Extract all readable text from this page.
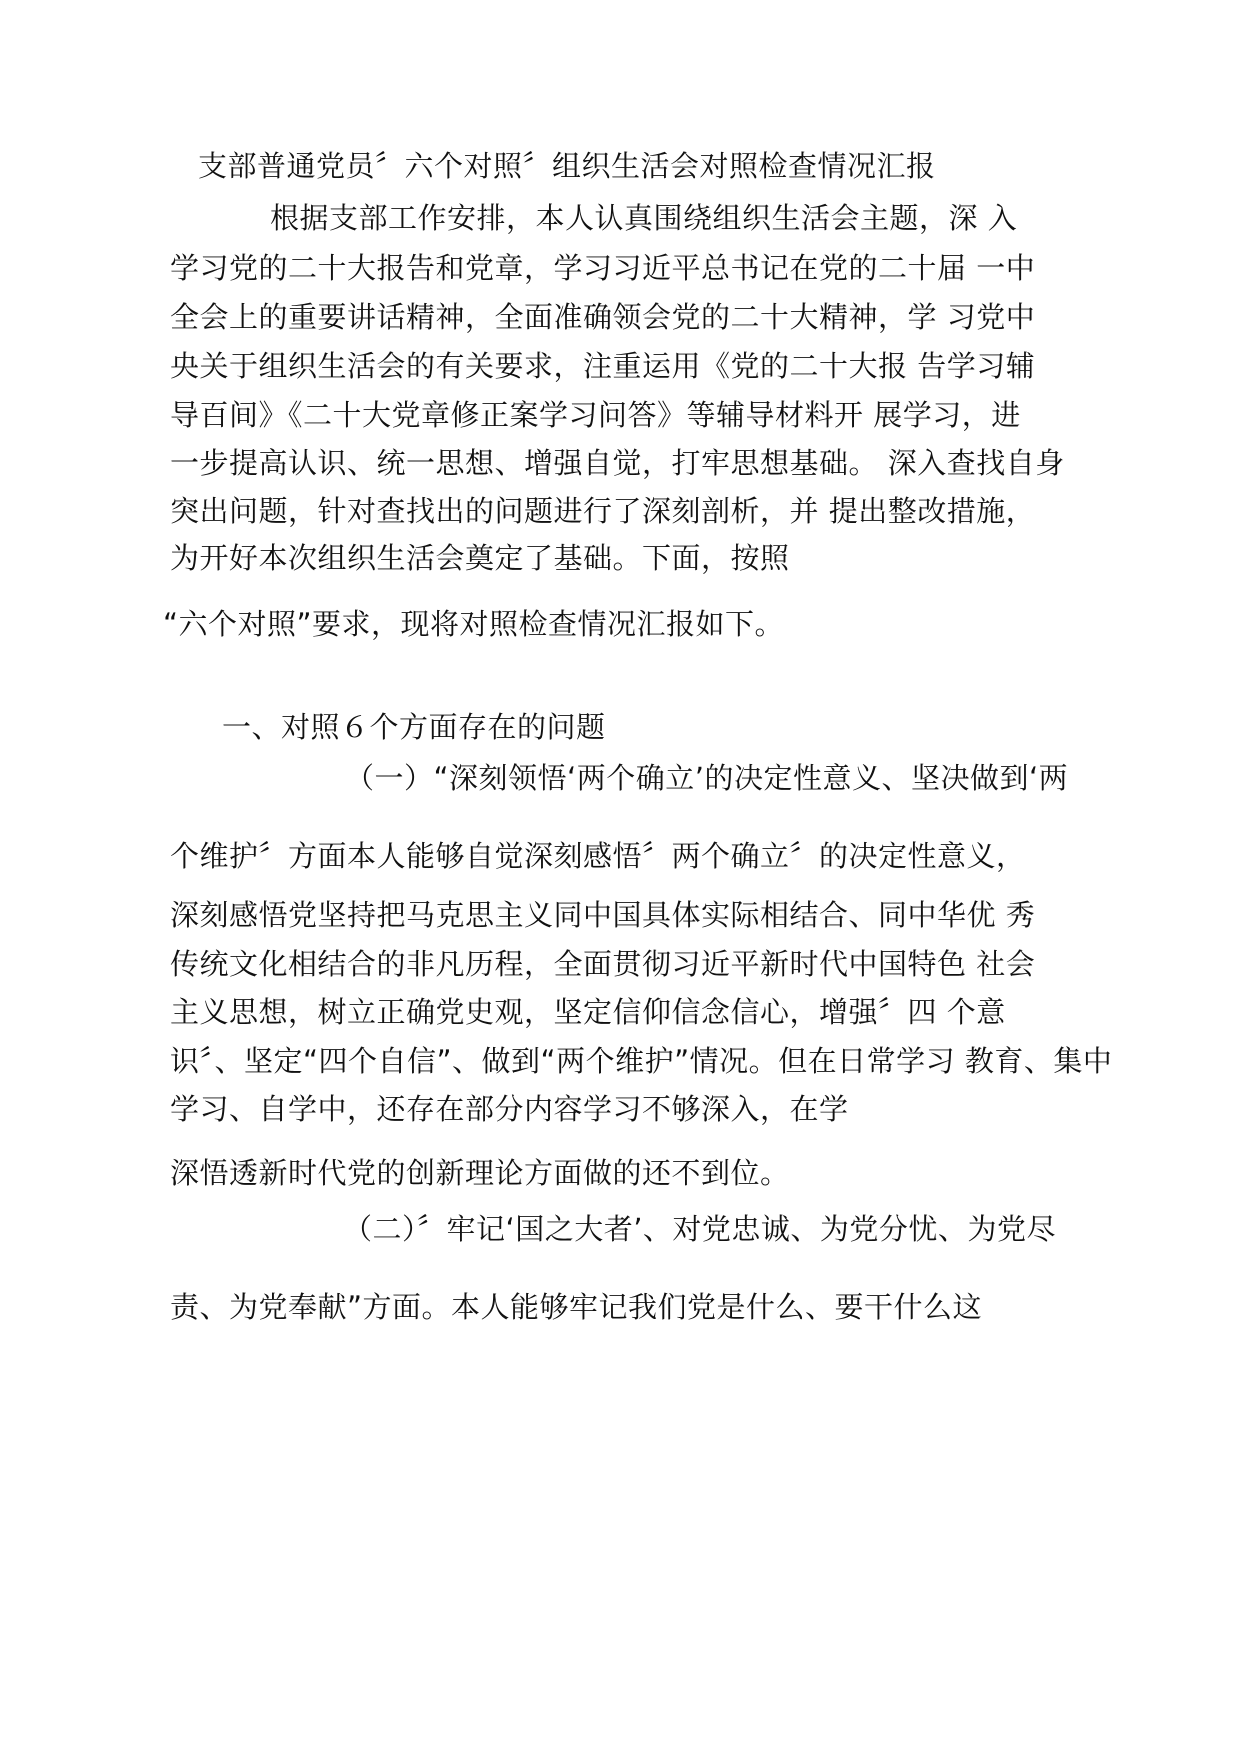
支部普通党员〞六个对照〞组织生活会对照检查情况汇报
根据支部工作安排，本人认真围绕组织生活会主题，深 入
学习党的二十大报告和党章，学习习近平总书记在党的二十届 一中
全会上的重要讲话精神，全面准确领会党的二十大精神，学 习党中
央关于组织生活会的有关要求，注重运用《党的二十大报 告学习辅
导百间》《二十大党章修正案学习问答》等辅导材料开 展学习，进
一步提高认识、统一思想、增强自觉，打牢思想基础。 深入查找自身
突出问题，针对查找出的问题进行了深刻剖析，并 提出整改措施，
为开好本次组织生活会奠定了基础。下面，按照
“六个对照”要求，现将对照检查情况汇报如下。
一、对照６个方面存在的问题
（一）“深刻领悟‘两个确立’的决定性意义、坚决做到‘两
个维护〞方面本人能够自觉深刻感悟〞两个确立〞的决定性意义，
深刻感悟党坚持把马克思主义同中国具体实际相结合、同中华优 秀
传统文化相结合的非凡历程，全面贯彻习近平新时代中国特色 社会
主义思想，树立正确党史观，坚定信仰信念信心，增强〞四 个意
识〞、坚定“四个自信”、做到“两个维护”情况。但在日常学习 教育、集中
学习、自学中，还存在部分内容学习不够深入，在学
深悟透新时代党的创新理论方面做的还不到位。
（二）〞牢记‘国之大者’、对党忠诚、为党分忧、为党尽
责、为党奉献”方面。本人能够牢记我们党是什么、要干什么这
